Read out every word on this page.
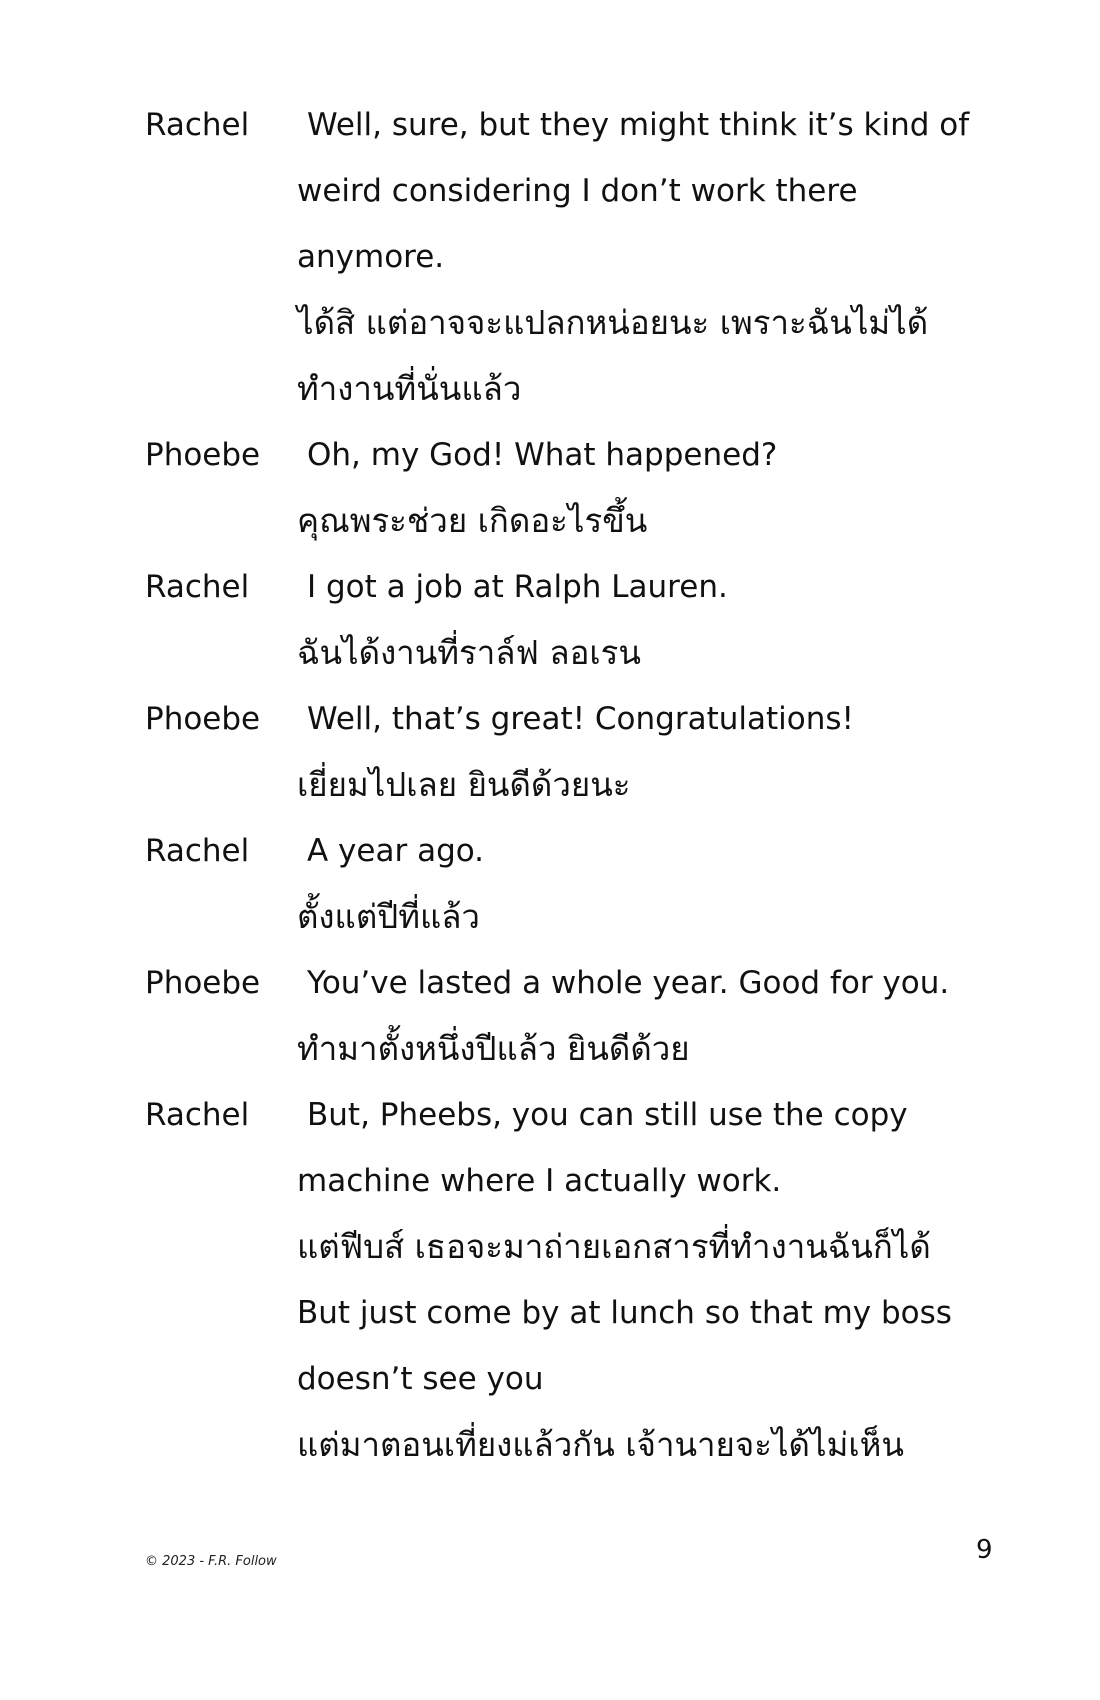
Rachel	Well, sure, but they might think it’s kind of
weird considering I don’t work there
anymore.
ได้สิ แต่อาจจะแปลกหน่อยนะ เพราะฉันไม่ได้
ทำงานที่นั่นแล้ว
Phoebe	Oh, my God! What happened?
คุณพระช่วย เกิดอะไรขึ้น
Rachel	I got a job at Ralph Lauren.
ฉันได้งานที่ราล์ฟ ลอเรน
Phoebe	Well, that’s great! Congratulations!
เยี่ยมไปเลย ยินดีด้วยนะ
Rachel	A year ago.
ตั้งแต่ปีที่แล้ว
Phoebe	You’ve lasted a whole year. Good for you.
ทำมาตั้งหนึ่งปีแล้ว ยินดีด้วย
Rachel	But, Pheebs, you can still use the copy
machine where I actually work.
แต่ฟีบส์ เธอจะมาถ่ายเอกสารที่ทำงานฉันก็ได้
But just come by at lunch so that my boss
doesn’t see you
แต่มาตอนเที่ยงแล้วกัน เจ้านายจะได้ไม่เห็น
© 2023 - F.R. Follow	9
